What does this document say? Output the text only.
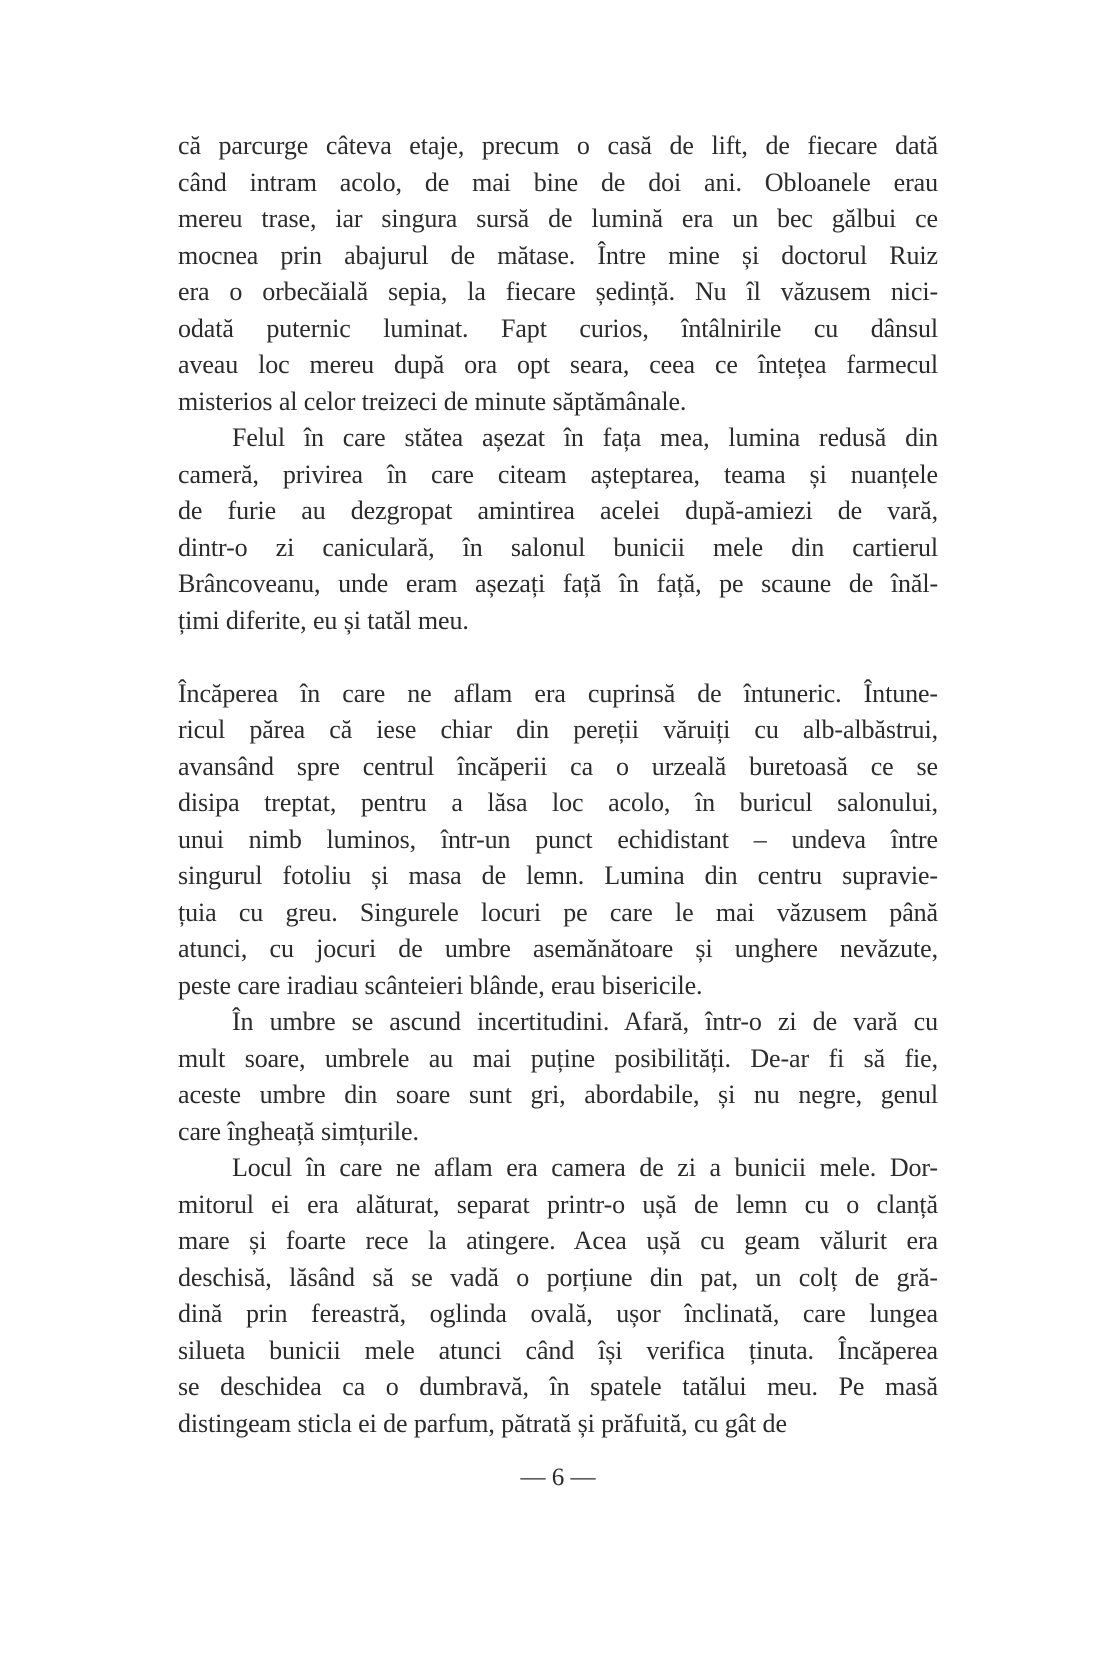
că parcurge câteva etaje, precum o casă de lift, de fiecare dată
când intram acolo, de mai bine de doi ani. Obloanele erau
mereu trase, iar singura sursă de lumină era un bec gălbui ce
mocnea prin abajurul de mătase. Între mine și doctorul Ruiz
era o orbecăială sepia, la fiecare ședință. Nu îl văzusem nici-
odată puternic luminat. Fapt curios, întâlnirile cu dânsul
aveau loc mereu după ora opt seara, ceea ce întețea farmecul
misterios al celor treizeci de minute săptămânale.
Felul în care stătea așezat în fața mea, lumina redusă din
cameră, privirea în care citeam așteptarea, teama și nuanțele
de furie au dezgropat amintirea acelei după-amiezi de vară,
dintr-o zi caniculară, în salonul bunicii mele din cartierul
Brâncoveanu, unde eram așezați față în față, pe scaune de înăl-
țimi diferite, eu și tatăl meu.
Încăperea în care ne aflam era cuprinsă de întuneric. Întune-
ricul părea că iese chiar din pereții văruiți cu alb-albăstrui,
avansând spre centrul încăperii ca o urzeală buretoasă ce se
disipa treptat, pentru a lăsa loc acolo, în buricul salonului,
unui nimb luminos, într-un punct echidistant – undeva între
singurul fotoliu și masa de lemn. Lumina din centru supravie-
țuia cu greu. Singurele locuri pe care le mai văzusem până
atunci, cu jocuri de umbre asemănătoare și unghere nevăzute,
peste care iradiau scânteieri blânde, erau bisericile.
În umbre se ascund incertitudini. Afară, într-o zi de vară cu
mult soare, umbrele au mai puține posibilități. De-ar fi să fie,
aceste umbre din soare sunt gri, abordabile, și nu negre, genul
care îngheață simțurile.
Locul în care ne aflam era camera de zi a bunicii mele. Dor-
mitorul ei era alăturat, separat printr-o ușă de lemn cu o clanță
mare și foarte rece la atingere. Acea ușă cu geam vălurit era
deschisă, lăsând să se vadă o porțiune din pat, un colț de gră-
dină prin fereastră, oglinda ovală, ușor înclinată, care lungea
silueta bunicii mele atunci când își verifica ținuta. Încăperea
se deschidea ca o dumbravă, în spatele tatălui meu. Pe masă
distingeam sticla ei de parfum, pătrată și prăfuită, cu gât de
— 6 —
